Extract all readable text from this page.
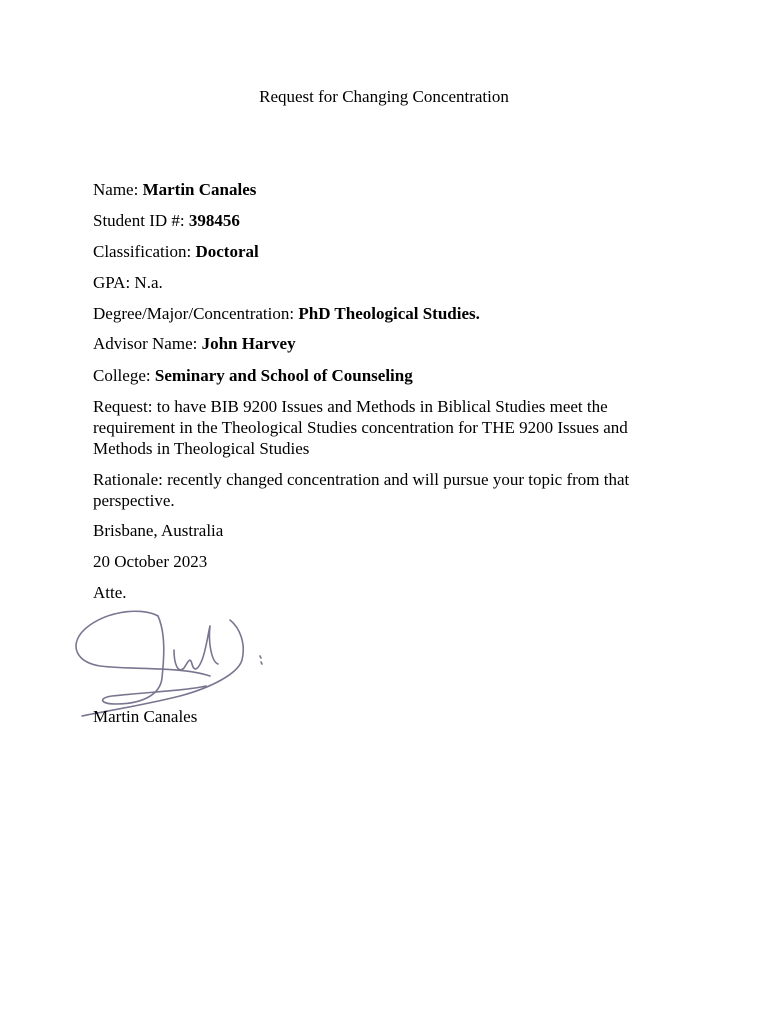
Request for Changing Concentration
Name: Martin Canales
Student ID #: 398456
Classification: Doctoral
GPA: N.a.
Degree/Major/Concentration: PhD Theological Studies.
Advisor Name: John Harvey
College: Seminary and School of Counseling
Request: to have BIB 9200 Issues and Methods in Biblical Studies meet the requirement in the Theological Studies concentration for THE 9200 Issues and Methods in Theological Studies
Rationale: recently changed concentration and will pursue your topic from that perspective.
Brisbane, Australia
20 October 2023
Atte.
Martin Canales
